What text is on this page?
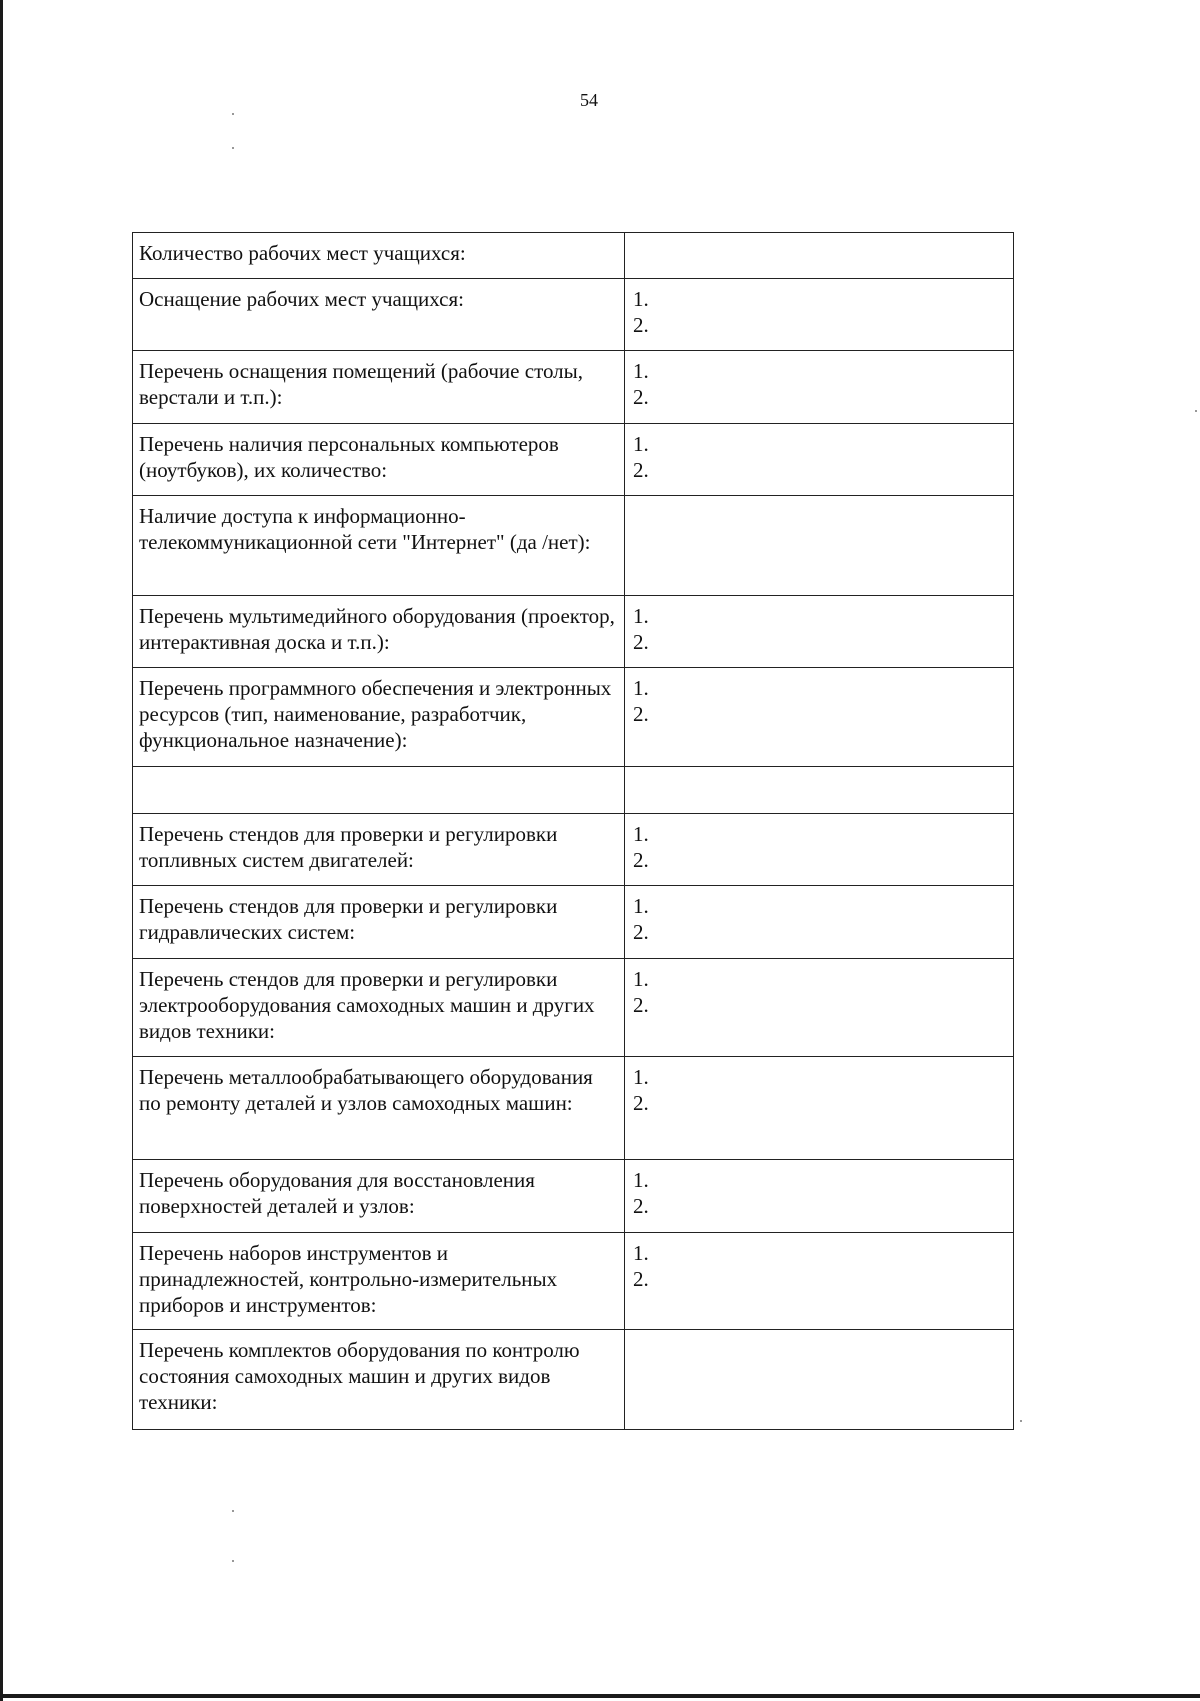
54
Количество рабочих мест учащихся:	
Оснащение рабочих мест учащихся:	1.
2.

Перечень оснащения помещений (рабочие столы, верстали и т.п.):	1.
2.

Перечень наличия персональных компьютеров (ноутбуков), их количество:	1.
2.

Наличие доступа к информационно-телекоммуникационной сети "Интернет" (да /нет):	
Перечень мультимедийного оборудования (проектор, интерактивная доска и т.п.):	1.
2.

Перечень программного обеспечения и электронных ресурсов (тип, наименование, разработчик, функциональное назначение):	1.
2.

Перечень стендов для проверки и регулировки топливных систем двигателей:	1.
2.

Перечень стендов для проверки и регулировки гидравлических систем:	1.
2.

Перечень стендов для проверки и регулировки электрооборудования самоходных машин и других видов техники:	1.
2.

Перечень металлообрабатывающего оборудования по ремонту деталей и узлов самоходных машин:	1.
2.

Перечень оборудования для восстановления поверхностей деталей и узлов:	1.
2.

Перечень наборов инструментов и принадлежностей, контрольно-измерительных приборов и инструментов:	1.
2.

Перечень комплектов оборудования по контролю состояния самоходных машин и других видов техники:	
